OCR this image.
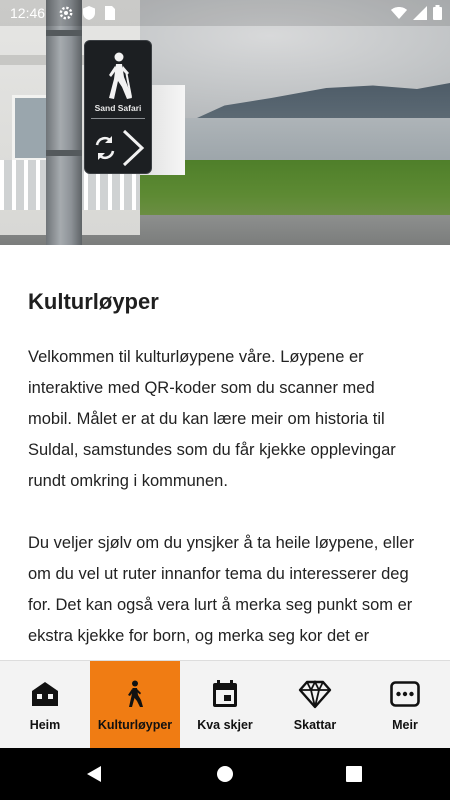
Sand Safari
12:46
Kulturløyper

Velkommen til kulturløypene våre. Løypene er interaktive med QR-koder som du scanner med mobil. Målet er at du kan lære meir om historia til Suldal, samstundes som du får kjekke opplevingar rundt omkring i kommunen.

Du veljer sjølv om du ynsjker å ta heile løypene, eller om du vel ut ruter innanfor tema du interesserer deg for. Det kan også vera lurt å merka seg punkt som er ekstra kjekke for born, og merka seg kor det er

Heim	Kulturløyper Kva skjer	Skattar	Meir
